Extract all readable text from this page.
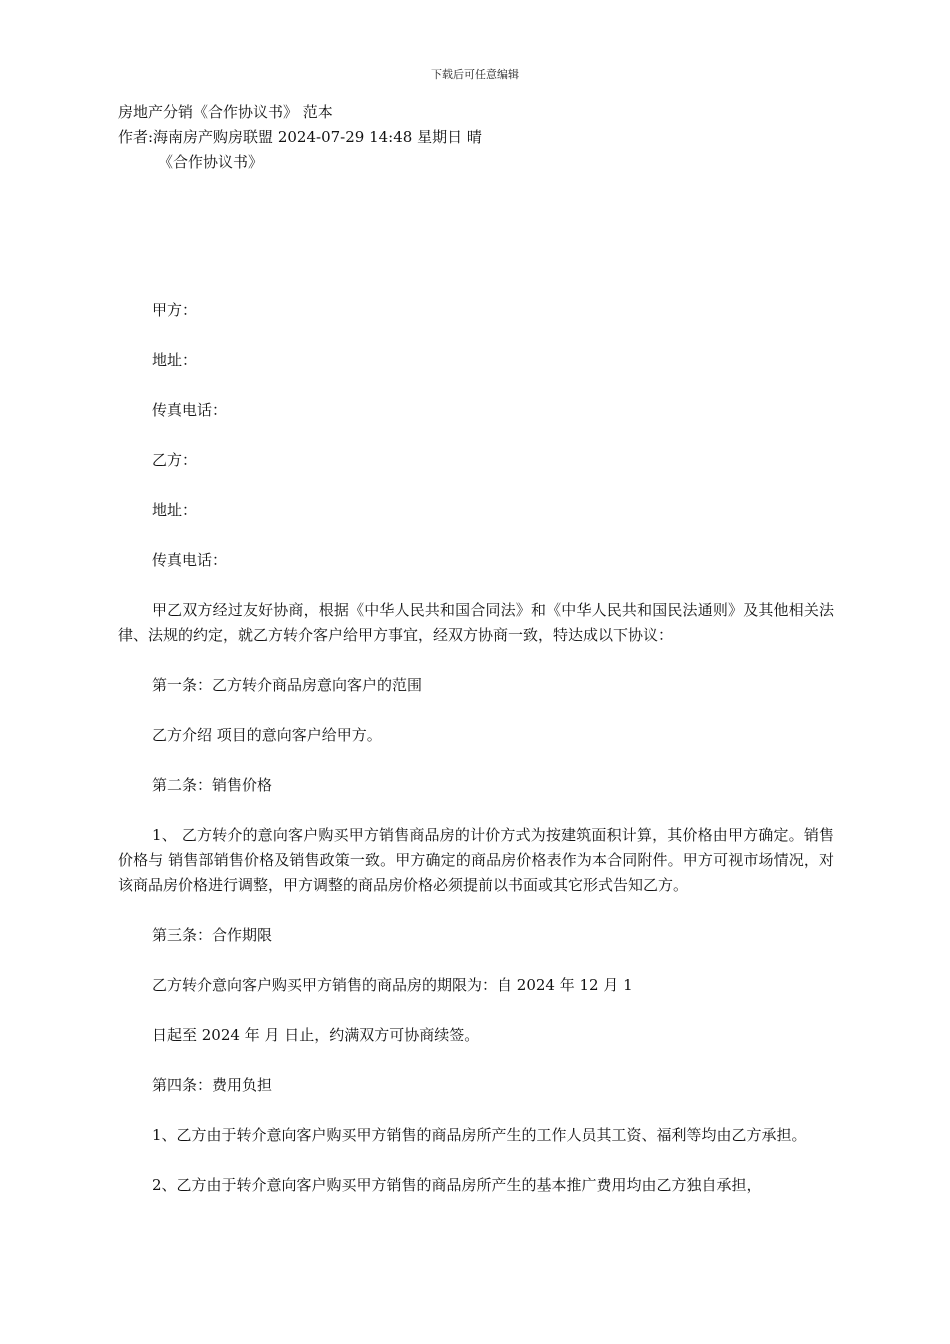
下载后可任意编辑
房地产分销《合作协议书》 范本
作者:海南房产购房联盟 2024-07-29 14:48 星期日 晴
《合作协议书》

甲方：

地址：

传真电话：

乙方：

地址：

传真电话：

甲乙双方经过友好协商，根据《中华人民共和国合同法》和《中华人民共和国民法通则》及其他相关法律、法规的约定，就乙方转介客户给甲方事宜，经双方协商一致，特达成以下协议：

第一条：乙方转介商品房意向客户的范围

乙方介绍 项目的意向客户给甲方。

第二条：销售价格

1、 乙方转介的意向客户购买甲方销售商品房的计价方式为按建筑面积计算，其价格由甲方确定。销售价格与 销售部销售价格及销售政策一致。甲方确定的商品房价格表作为本合同附件。甲方可视市场情况，对该商品房价格进行调整，甲方调整的商品房价格必须提前以书面或其它形式告知乙方。

第三条：合作期限

乙方转介意向客户购买甲方销售的商品房的期限为：自 2024 年 12 月 1

日起至 2024 年 月 日止，约满双方可协商续签。

第四条：费用负担

1、乙方由于转介意向客户购买甲方销售的商品房所产生的工作人员其工资、福利等均由乙方承担。

2、乙方由于转介意向客户购买甲方销售的商品房所产生的基本推广费用均由乙方独自承担，
